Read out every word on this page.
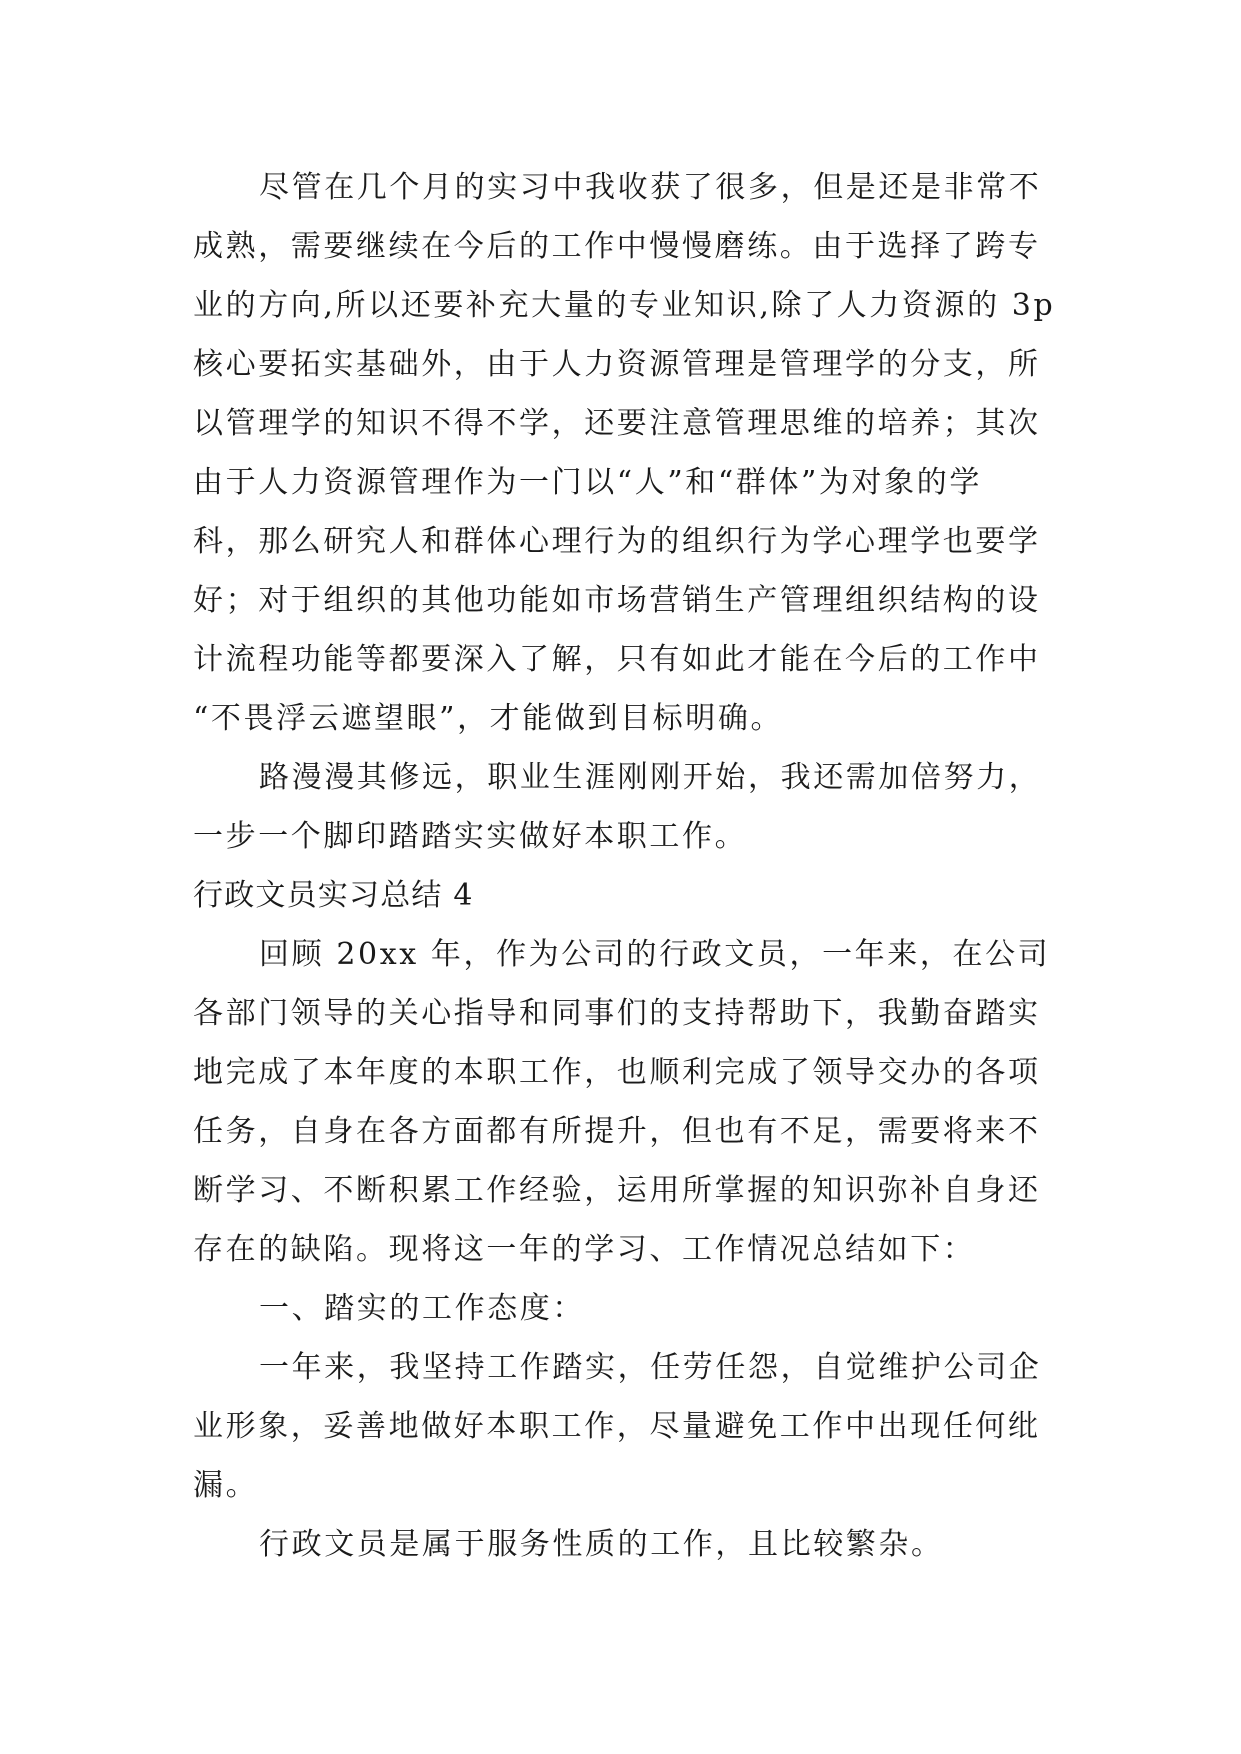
尽管在几个月的实习中我收获了很多，但是还是非常不
成熟，需要继续在今后的工作中慢慢磨练。由于选择了跨专
业的方向,所以还要补充大量的专业知识,除了人力资源的 3p
核心要拓实基础外，由于人力资源管理是管理学的分支，所
以管理学的知识不得不学，还要注意管理思维的培养；其次
由于人力资源管理作为一门以“人”和“群体”为对象的学
科，那么研究人和群体心理行为的组织行为学心理学也要学
好；对于组织的其他功能如市场营销生产管理组织结构的设
计流程功能等都要深入了解，只有如此才能在今后的工作中
“不畏浮云遮望眼”，才能做到目标明确。
路漫漫其修远，职业生涯刚刚开始，我还需加倍努力，
一步一个脚印踏踏实实做好本职工作。
行政文员实习总结 4
回顾 20xx 年，作为公司的行政文员，一年来，在公司
各部门领导的关心指导和同事们的支持帮助下，我勤奋踏实
地完成了本年度的本职工作，也顺利完成了领导交办的各项
任务，自身在各方面都有所提升，但也有不足，需要将来不
断学习、不断积累工作经验，运用所掌握的知识弥补自身还
存在的缺陷。现将这一年的学习、工作情况总结如下：
一、踏实的工作态度：
一年来，我坚持工作踏实，任劳任怨，自觉维护公司企
业形象，妥善地做好本职工作，尽量避免工作中出现任何纰
漏。
行政文员是属于服务性质的工作，且比较繁杂。
